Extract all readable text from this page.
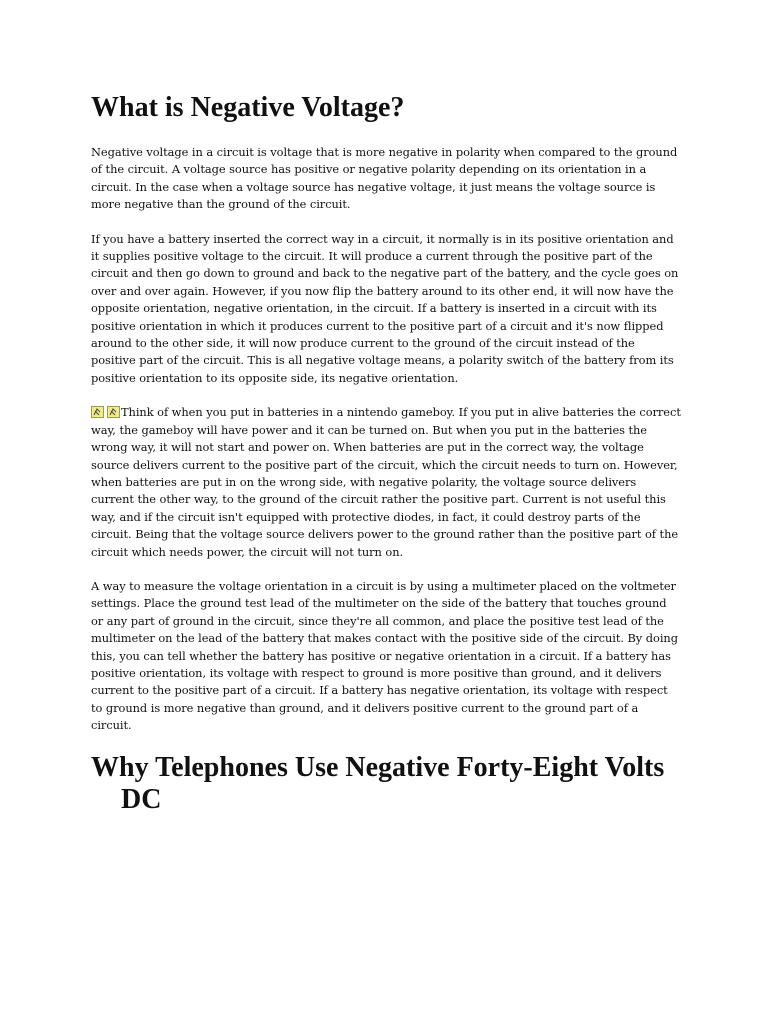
What is Negative Voltage?

Negative voltage in a circuit is voltage that is more negative in polarity when compared to the ground of the circuit. A voltage source has positive or negative polarity depending on its orientation in a circuit. In the case when a voltage source has negative voltage, it just means the voltage source is more negative than the ground of the circuit.

If you have a battery inserted the correct way in a circuit, it normally is in its positive orientation and it supplies positive voltage to the circuit. It will produce a current through the positive part of the circuit and then go down to ground and back to the negative part of the battery, and the cycle goes on over and over again. However, if you now flip the battery around to its other end, it will now have the opposite orientation, negative orientation, in the circuit. If a battery is inserted in a circuit with its positive orientation in which it produces current to the positive part of a circuit and it's now flipped around to the other side, it will now produce current to the ground of the circuit instead of the positive part of the circuit. This is all negative voltage means, a polarity switch of the battery from its positive orientation to its opposite side, its negative orientation.

Think of when you put in batteries in a nintendo gameboy. If you put in alive batteries the correct way, the gameboy will have power and it can be turned on. But when you put in the batteries the wrong way, it will not start and power on. When batteries are put in the correct way, the voltage source delivers current to the positive part of the circuit, which the circuit needs to turn on. However, when batteries are put in on the wrong side, with negative polarity, the voltage source delivers current the other way, to the ground of the circuit rather the positive part. Current is not useful this way, and if the circuit isn't equipped with protective diodes, in fact, it could destroy parts of the circuit. Being that the voltage source delivers power to the ground rather than the positive part of the circuit which needs power, the circuit will not turn on.

A way to measure the voltage orientation in a circuit is by using a multimeter placed on the voltmeter settings. Place the ground test lead of the multimeter on the side of the battery that touches ground or any part of ground in the circuit, since they're all common, and place the positive test lead of the multimeter on the lead of the battery that makes contact with the positive side of the circuit. By doing this, you can tell whether the battery has positive or negative orientation in a circuit. If a battery has positive orientation, its voltage with respect to ground is more positive than ground, and it delivers current to the positive part of a circuit. If a battery has negative orientation, its voltage with respect to ground is more negative than ground, and it delivers positive current to the ground part of a circuit.

Why Telephones Use Negative Forty-Eight Volts DC
